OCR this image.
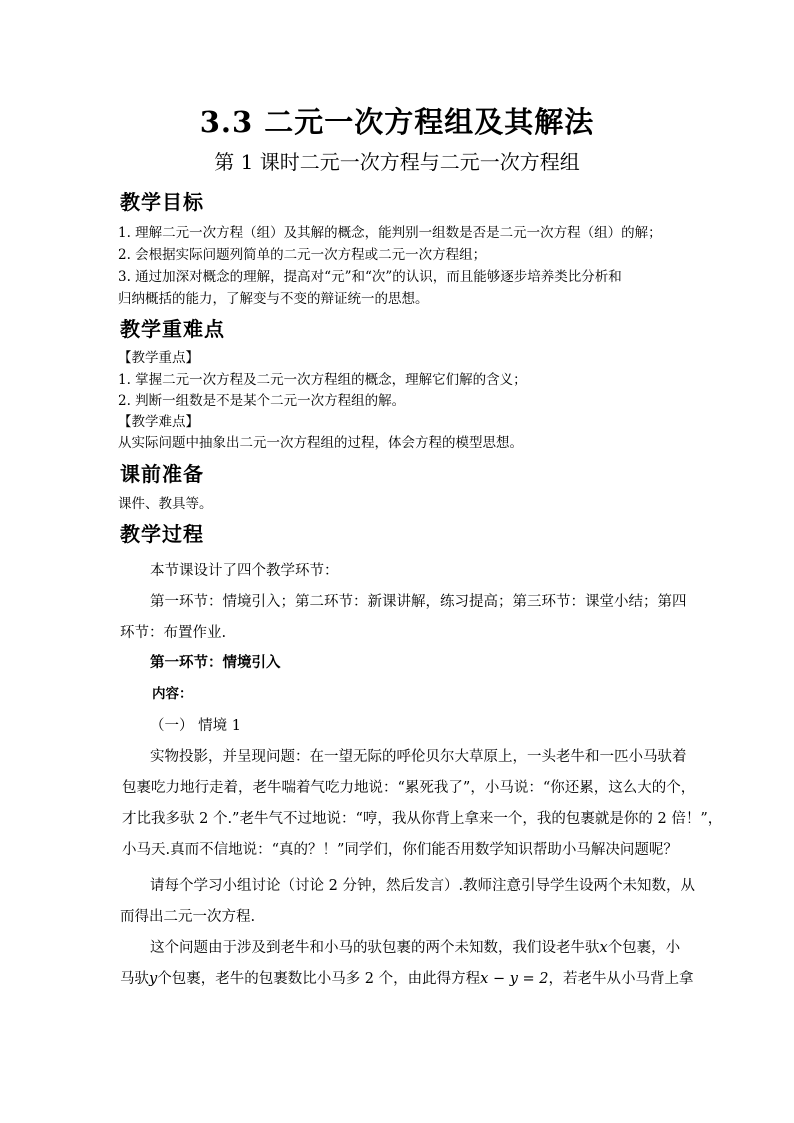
3.3 二元一次方程组及其解法
第 1 课时二元一次方程与二元一次方程组
教学目标
1. 理解二元一次方程（组）及其解的概念，能判别一组数是否是二元一次方程（组）的解；
2. 会根据实际问题列简单的二元一次方程或二元一次方程组；
3. 通过加深对概念的理解，提高对“元”和“次”的认识，而且能够逐步培养类比分析和
归纳概括的能力，了解变与不变的辩证统一的思想。
教学重难点
【教学重点】
1. 掌握二元一次方程及二元一次方程组的概念，理解它们解的含义；
2. 判断一组数是不是某个二元一次方程组的解。
【教学难点】
从实际问题中抽象出二元一次方程组的过程，体会方程的模型思想。
课前准备
课件、教具等。
教学过程
本节课设计了四个教学环节：
第一环节：情境引入；第二环节：新课讲解，练习提高；第三环节：课堂小结；第四
环节：布置作业.
第一环节：情境引入
内容：
（一） 情境 1
实物投影，并呈现问题：在一望无际的呼伦贝尔大草原上，一头老牛和一匹小马驮着
包裹吃力地行走着，老牛喘着气吃力地说：“累死我了”，小马说：“你还累，这么大的个，
才比我多驮 2 个.”老牛气不过地说：“哼，我从你背上拿来一个，我的包裹就是你的 2 倍！”，
小马天.真而不信地说：“真的？！”同学们，你们能否用数学知识帮助小马解决问题呢？
请每个学习小组讨论（讨论 2 分钟，然后发言）.教师注意引导学生设两个未知数，从
而得出二元一次方程.
这个问题由于涉及到老牛和小马的驮包裹的两个未知数，我们设老牛驮x个包裹，小
马驮y个包裹，老牛的包裹数比小马多 2 个，由此得方程x − y = 2，若老牛从小马背上拿
